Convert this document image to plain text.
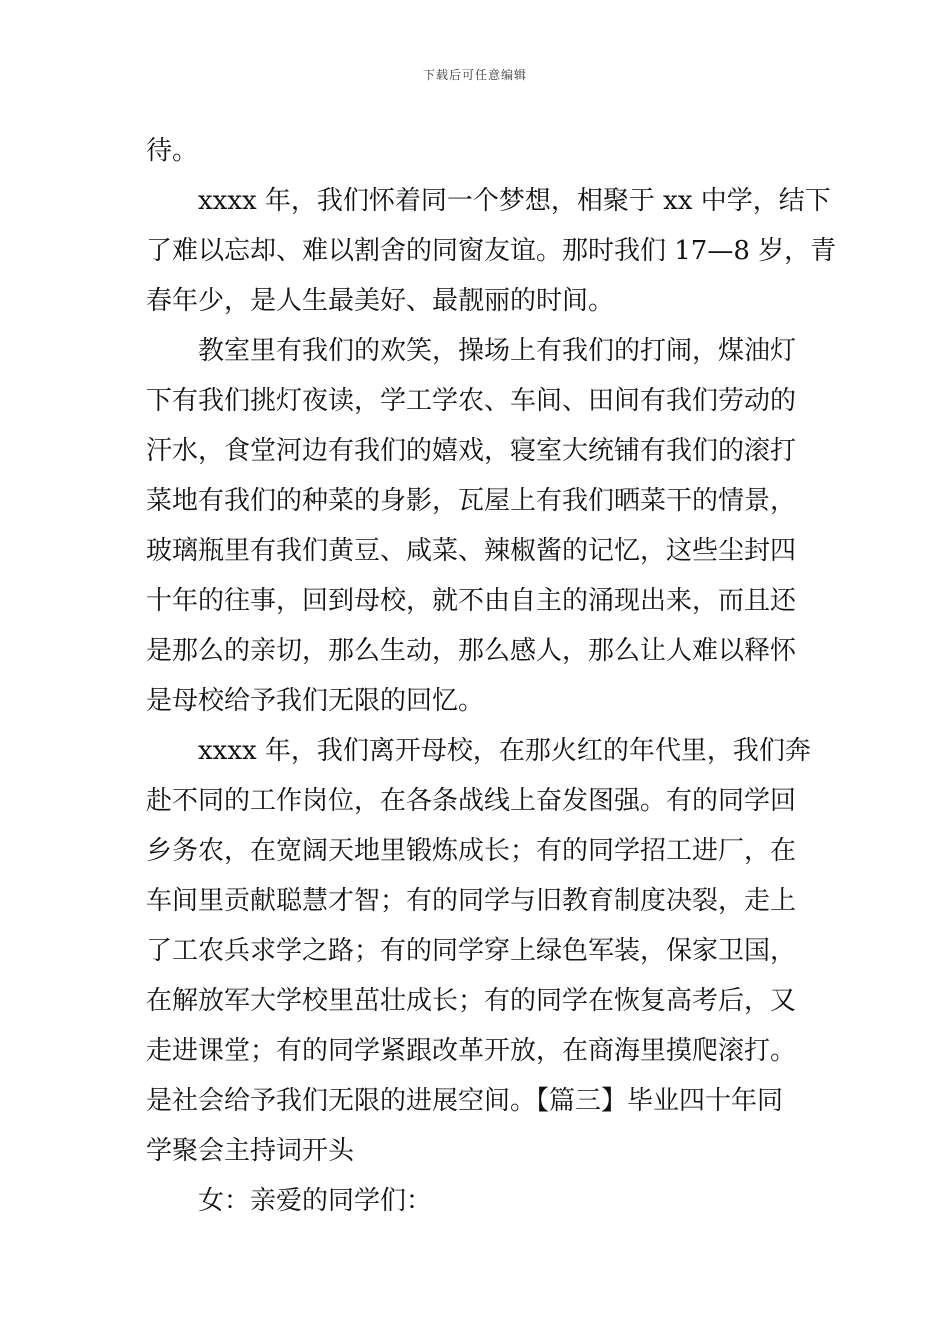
下载后可任意编辑
待。
xxxx 年，我们怀着同一个梦想，相聚于 xx 中学，结下
了难以忘却、难以割舍的同窗友谊。那时我们 17—8 岁，青
春年少，是人生最美好、最靓丽的时间。
教室里有我们的欢笑，操场上有我们的打闹，煤油灯
下有我们挑灯夜读，学工学农、车间、田间有我们劳动的
汗水，食堂河边有我们的嬉戏，寝室大统铺有我们的滚打
菜地有我们的种菜的身影，瓦屋上有我们晒菜干的情景，
玻璃瓶里有我们黄豆、咸菜、辣椒酱的记忆，这些尘封四
十年的往事，回到母校，就不由自主的涌现出来，而且还
是那么的亲切，那么生动，那么感人，那么让人难以释怀
是母校给予我们无限的回忆。
xxxx 年，我们离开母校，在那火红的年代里，我们奔
赴不同的工作岗位，在各条战线上奋发图强。有的同学回
乡务农，在宽阔天地里锻炼成长；有的同学招工进厂，在
车间里贡献聪慧才智；有的同学与旧教育制度决裂，走上
了工农兵求学之路；有的同学穿上绿色军装，保家卫国，
在解放军大学校里茁壮成长；有的同学在恢复高考后，又
走进课堂；有的同学紧跟改革开放，在商海里摸爬滚打。
是社会给予我们无限的进展空间。【篇三】毕业四十年同
学聚会主持词开头
女：亲爱的同学们：
